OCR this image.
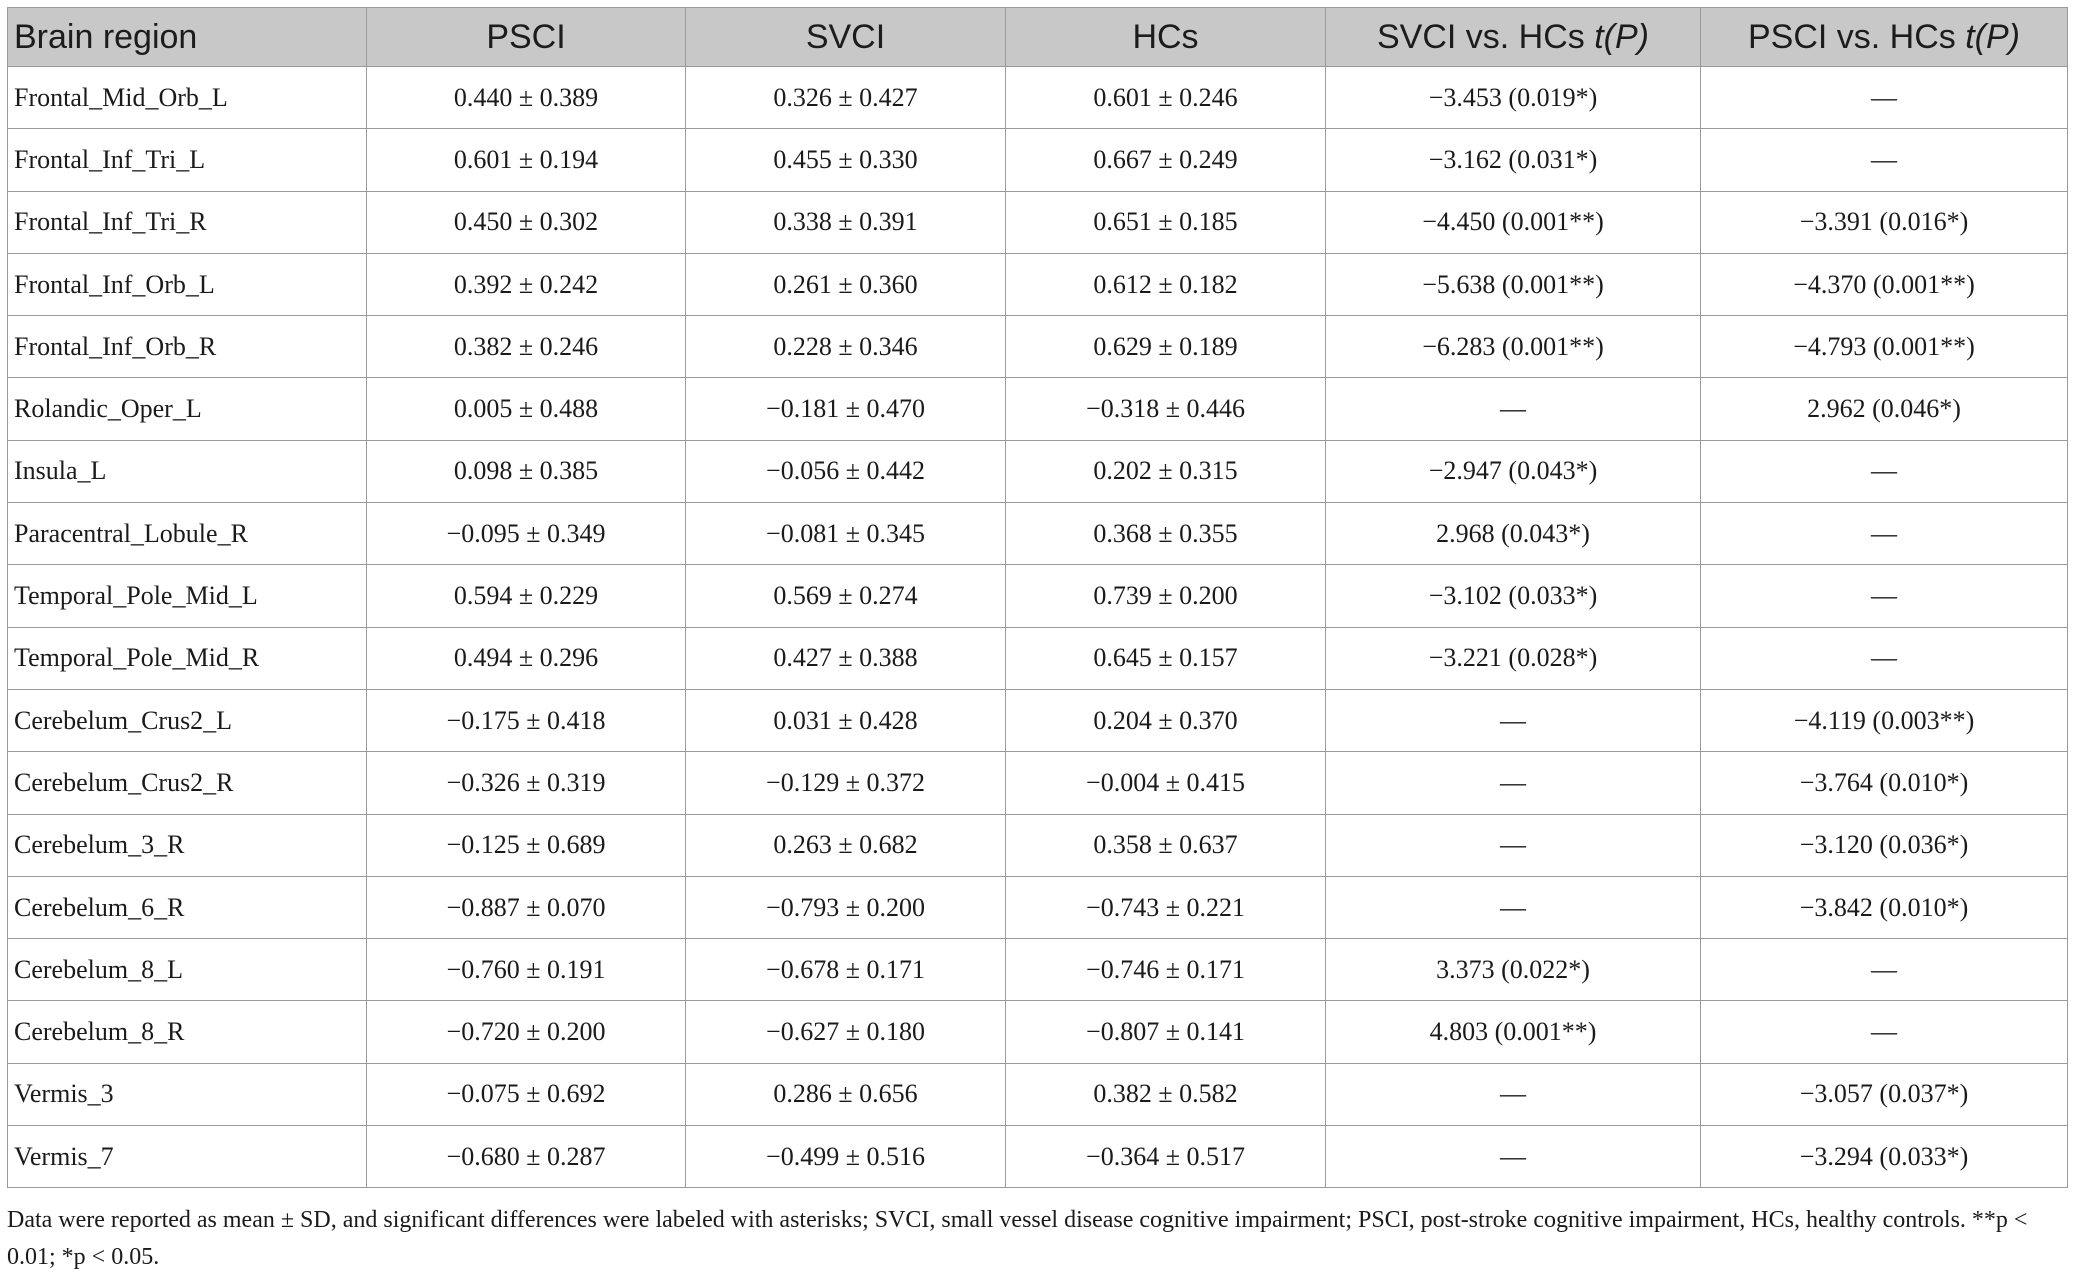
Brain region	PSCI	SVCI	HCs	SVCI vs. HCs t(P)	PSCI vs. HCs t(P)
Frontal_Mid_Orb_L	0.440 ± 0.389	0.326 ± 0.427	0.601 ± 0.246	−3.453 (0.019*)	—
Frontal_Inf_Tri_L	0.601 ± 0.194	0.455 ± 0.330	0.667 ± 0.249	−3.162 (0.031*)	—
Frontal_Inf_Tri_R	0.450 ± 0.302	0.338 ± 0.391	0.651 ± 0.185	−4.450 (0.001**)	−3.391 (0.016*)
Frontal_Inf_Orb_L	0.392 ± 0.242	0.261 ± 0.360	0.612 ± 0.182	−5.638 (0.001**)	−4.370 (0.001**)
Frontal_Inf_Orb_R	0.382 ± 0.246	0.228 ± 0.346	0.629 ± 0.189	−6.283 (0.001**)	−4.793 (0.001**)
Rolandic_Oper_L	0.005 ± 0.488	−0.181 ± 0.470	−0.318 ± 0.446	—	2.962 (0.046*)
Insula_L	0.098 ± 0.385	−0.056 ± 0.442	0.202 ± 0.315	−2.947 (0.043*)	—
Paracentral_Lobule_R	−0.095 ± 0.349	−0.081 ± 0.345	0.368 ± 0.355	2.968 (0.043*)	—
Temporal_Pole_Mid_L	0.594 ± 0.229	0.569 ± 0.274	0.739 ± 0.200	−3.102 (0.033*)	—
Temporal_Pole_Mid_R	0.494 ± 0.296	0.427 ± 0.388	0.645 ± 0.157	−3.221 (0.028*)	—
Cerebelum_Crus2_L	−0.175 ± 0.418	0.031 ± 0.428	0.204 ± 0.370	—	−4.119 (0.003**)
Cerebelum_Crus2_R	−0.326 ± 0.319	−0.129 ± 0.372	−0.004 ± 0.415	—	−3.764 (0.010*)
Cerebelum_3_R	−0.125 ± 0.689	0.263 ± 0.682	0.358 ± 0.637	—	−3.120 (0.036*)
Cerebelum_6_R	−0.887 ± 0.070	−0.793 ± 0.200	−0.743 ± 0.221	—	−3.842 (0.010*)
Cerebelum_8_L	−0.760 ± 0.191	−0.678 ± 0.171	−0.746 ± 0.171	3.373 (0.022*)	—
Cerebelum_8_R	−0.720 ± 0.200	−0.627 ± 0.180	−0.807 ± 0.141	4.803 (0.001**)	—
Vermis_3	−0.075 ± 0.692	0.286 ± 0.656	0.382 ± 0.582	—	−3.057 (0.037*)
Vermis_7	−0.680 ± 0.287	−0.499 ± 0.516	−0.364 ± 0.517	—	−3.294 (0.033*)
Data were reported as mean ± SD, and significant differences were labeled with asterisks; SVCI, small vessel disease cognitive impairment; PSCI, post-stroke cognitive impairment, HCs, healthy controls. **p < 0.01; *p < 0.05.
